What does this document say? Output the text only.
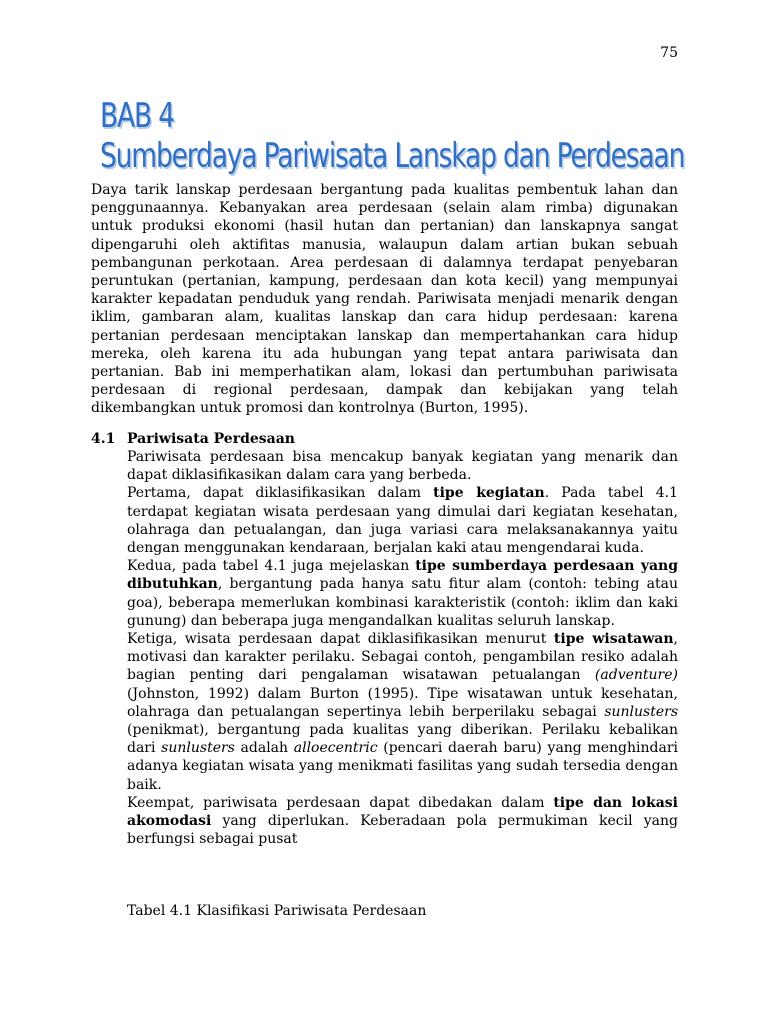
75
BAB 4
Sumberdaya Pariwisata Lanskap dan Perdesaan
Daya tarik lanskap perdesaan bergantung pada kualitas pembentuk lahan dan penggunaannya. Kebanyakan area perdesaan (selain alam rimba) digunakan untuk produksi ekonomi (hasil hutan dan pertanian) dan lanskapnya sangat dipengaruhi oleh aktifitas manusia, walaupun dalam artian bukan sebuah pembangunan perkotaan. Area perdesaan di dalamnya terdapat penyebaran peruntukan (pertanian, kampung, perdesaan dan kota kecil) yang mempunyai karakter kepadatan penduduk yang rendah. Pariwisata menjadi menarik dengan iklim, gambaran alam, kualitas lanskap dan cara hidup perdesaan: karena pertanian perdesaan menciptakan lanskap dan mempertahankan cara hidup mereka, oleh karena itu ada hubungan yang tepat antara pariwisata dan pertanian. Bab ini memperhatikan alam, lokasi dan pertumbuhan pariwisata perdesaan di regional perdesaan, dampak dan kebijakan yang telah dikembangkan untuk promosi dan kontrolnya (Burton, 1995).
4.1 Pariwisata Perdesaan

Pariwisata perdesaan bisa mencakup banyak kegiatan yang menarik dan dapat diklasifikasikan dalam cara yang berbeda.

Pertama, dapat diklasifikasikan dalam tipe kegiatan. Pada tabel 4.1 terdapat kegiatan wisata perdesaan yang dimulai dari kegiatan kesehatan, olahraga dan petualangan, dan juga variasi cara melaksanakannya yaitu dengan menggunakan kendaraan, berjalan kaki atau mengendarai kuda.

Kedua, pada tabel 4.1 juga mejelaskan tipe sumberdaya perdesaan yang dibutuhkan, bergantung pada hanya satu fitur alam (contoh: tebing atau goa), beberapa memerlukan kombinasi karakteristik (contoh: iklim dan kaki gunung) dan beberapa juga mengandalkan kualitas seluruh lanskap.

Ketiga, wisata perdesaan dapat diklasifikasikan menurut tipe wisatawan, motivasi dan karakter perilaku. Sebagai contoh, pengambilan resiko adalah bagian penting dari pengalaman wisatawan petualangan (adventure) (Johnston, 1992) dalam Burton (1995). Tipe wisatawan untuk kesehatan, olahraga dan petualangan sepertinya lebih berperilaku sebagai sunlusters (penikmat), bergantung pada kualitas yang diberikan. Perilaku kebalikan dari sunlusters adalah alloecentric (pencari daerah baru) yang menghindari adanya kegiatan wisata yang menikmati fasilitas yang sudah tersedia dengan baik.

Keempat, pariwisata perdesaan dapat dibedakan dalam tipe dan lokasi akomodasi yang diperlukan. Keberadaan pola permukiman kecil yang berfungsi sebagai pusat

Tabel 4.1 Klasifikasi Pariwisata Perdesaan
